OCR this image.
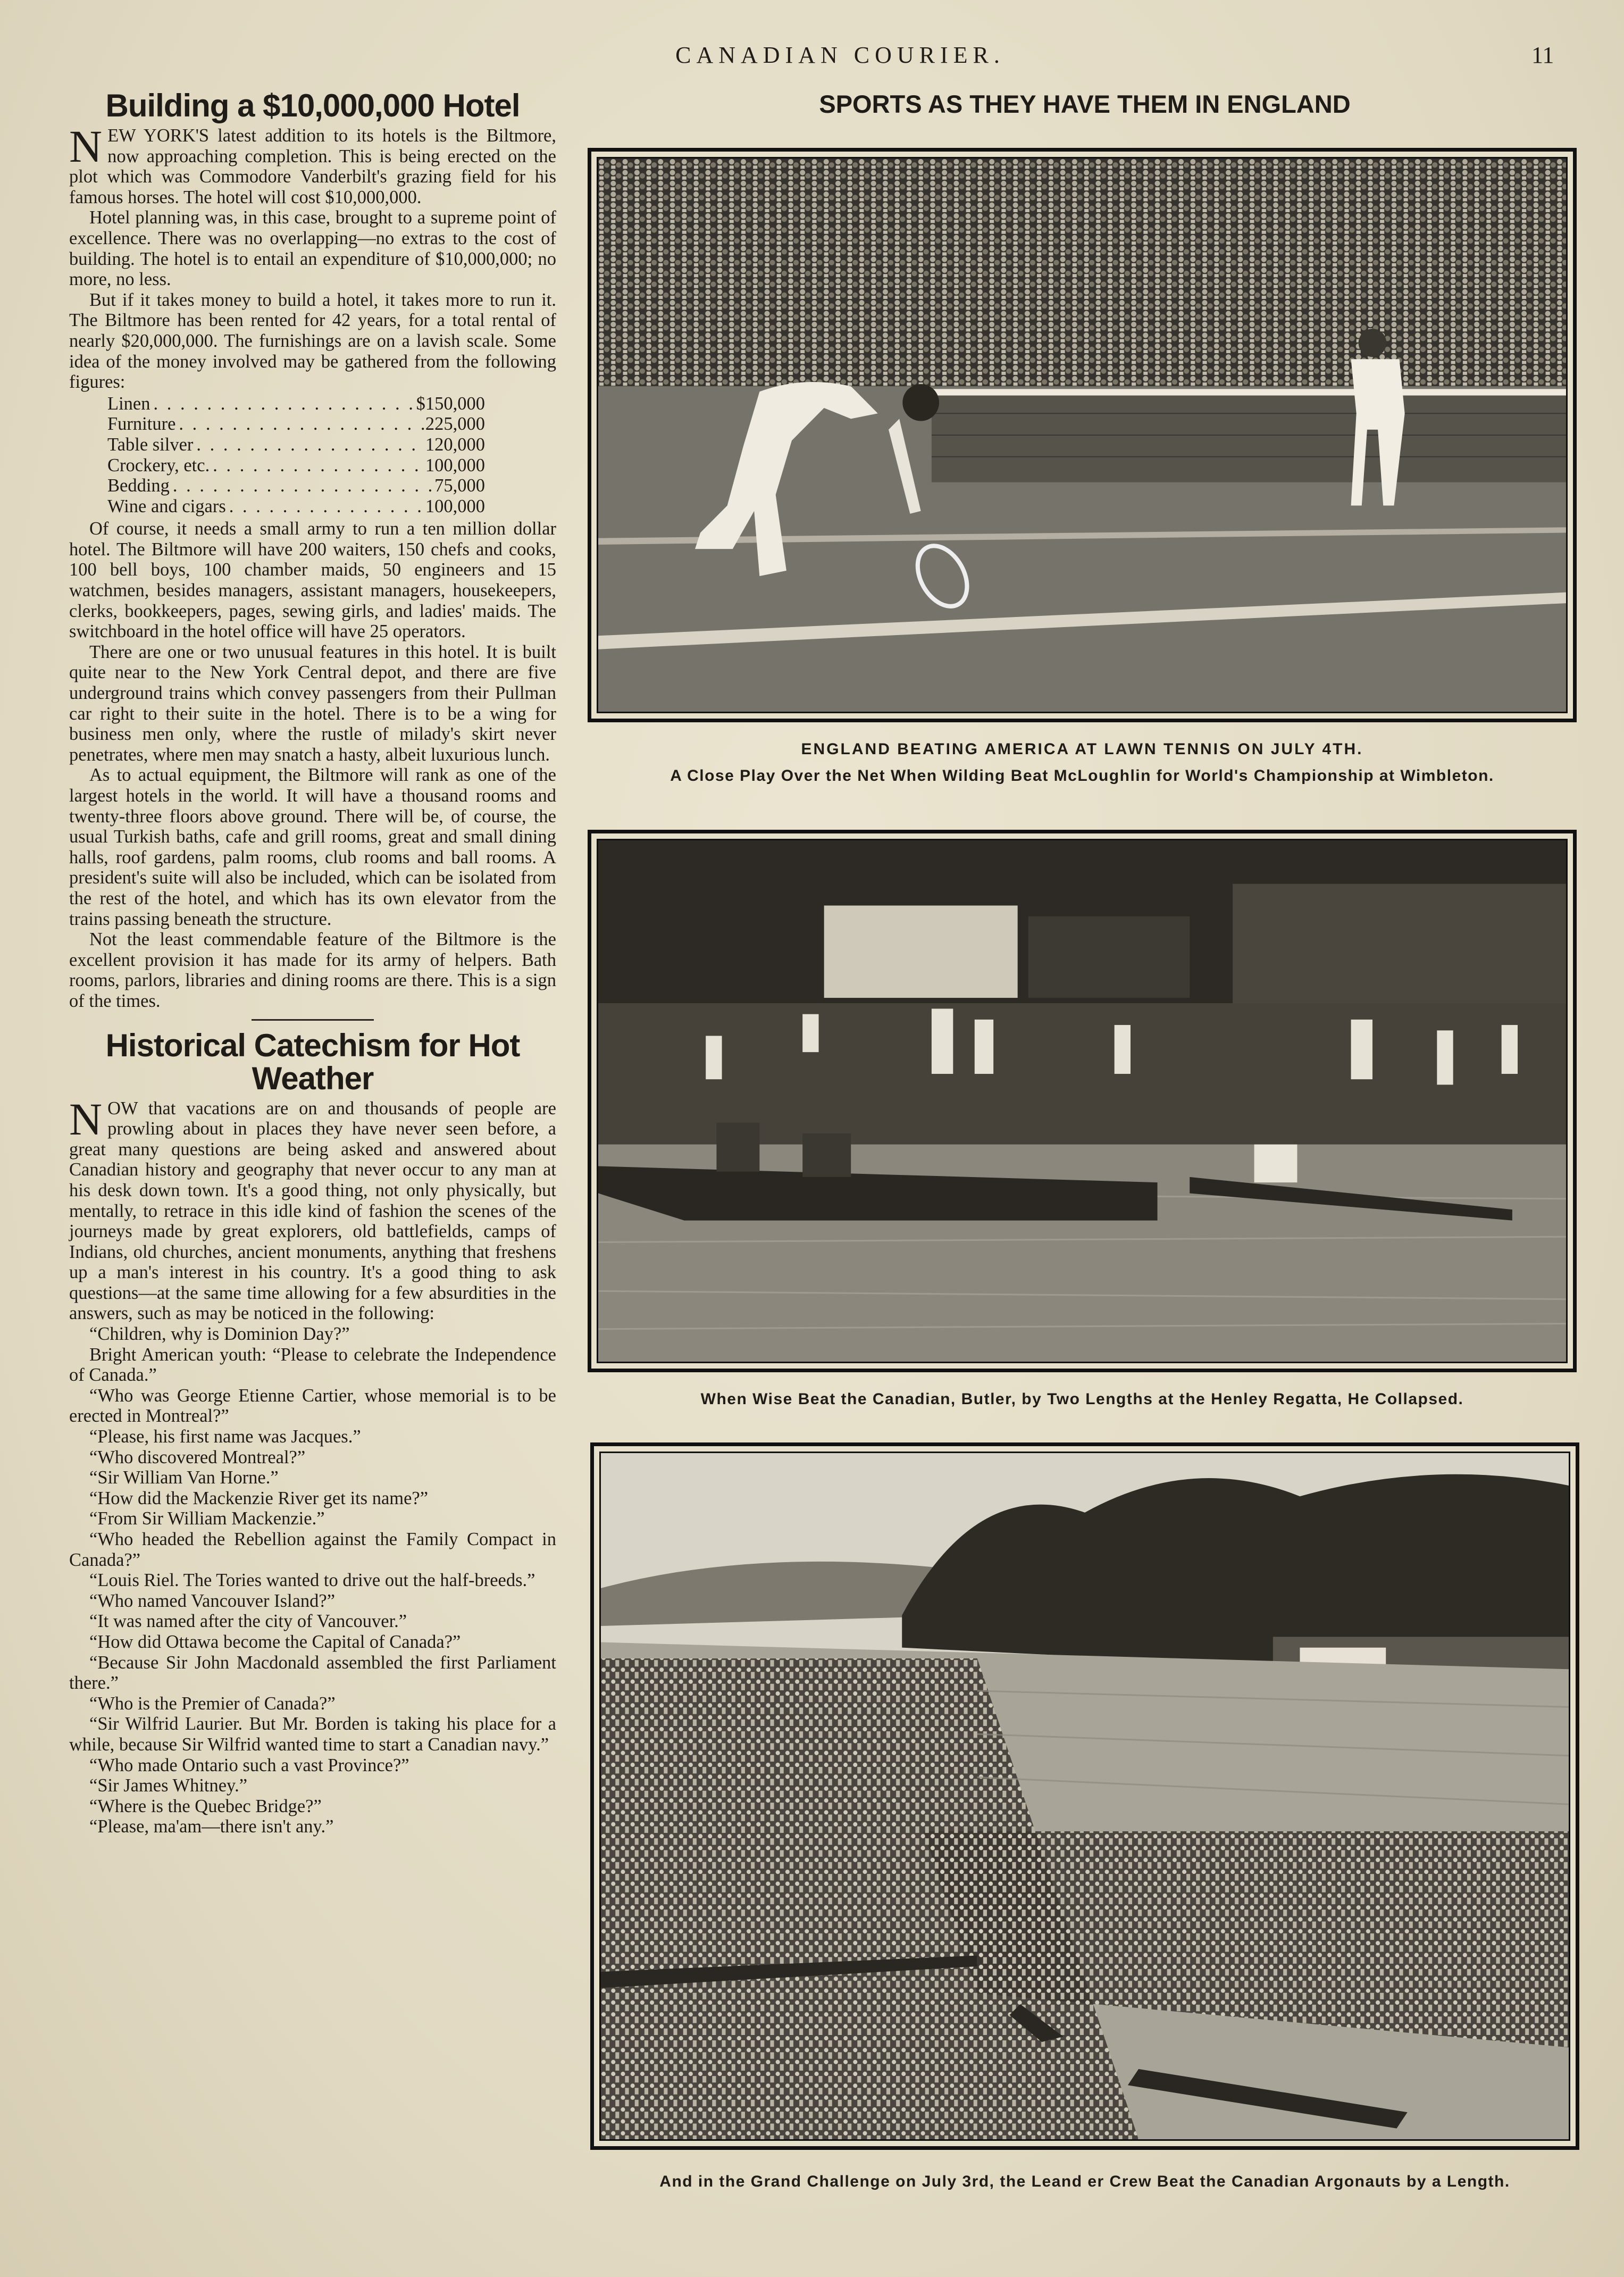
CANADIAN COURIER.	11
Building a $10,000,000 Hotel

NEW YORK'S latest addition to its hotels is the Biltmore, now approaching completion. This is being erected on the plot which was Commodore Vanderbilt's grazing field for his famous horses. The hotel will cost $10,000,000.

Hotel planning was, in this case, brought to a supreme point of excellence. There was no overlapping—no extras to the cost of building. The hotel is to entail an expenditure of $10,000,000; no more, no less.

But if it takes money to build a hotel, it takes more to run it. The Biltmore has been rented for 42 years, for a total rental of nearly $20,000,000. The furnishings are on a lavish scale. Some idea of the money involved may be gathered from the following figures:

Linen . . .	$150,000
Furniture . . .	225,000
Table silver . . .	120,000
Crockery, etc. . . .	100,000
Bedding . . .	75,000
Wine and cigars . . .	100,000

Of course, it needs a small army to run a ten million dollar hotel. The Biltmore will have 200 waiters, 150 chefs and cooks, 100 bell boys, 100 chamber maids, 50 engineers and 15 watchmen, besides managers, assistant managers, housekeepers, clerks, bookkeepers, pages, sewing girls, and ladies' maids. The switchboard in the hotel office will have 25 operators.

There are one or two unusual features in this hotel. It is built quite near to the New York Central depot, and there are five underground trains which convey passengers from their Pullman car right to their suite in the hotel. There is to be a wing for business men only, where the rustle of milady's skirt never penetrates, where men may snatch a hasty, albeit luxurious lunch.

As to actual equipment, the Biltmore will rank as one of the largest hotels in the world. It will have a thousand rooms and twenty-three floors above ground. There will be, of course, the usual Turkish baths, cafe and grill rooms, great and small dining halls, roof gardens, palm rooms, club rooms and ball rooms. A president's suite will also be included, which can be isolated from the rest of the hotel, and which has its own elevator from the trains passing beneath the structure.

Not the least commendable feature of the Biltmore is the excellent provision it has made for its army of helpers. Bath rooms, parlors, libraries and dining rooms are there. This is a sign of the times.

Historical Catechism for Hot Weather

NOW that vacations are on and thousands of people are prowling about in places they have never seen before, a great many questions are being asked and answered about Canadian history and geography that never occur to any man at his desk down town. It's a good thing, not only physically, but mentally, to retrace in this idle kind of fashion the scenes of the journeys made by great explorers, old battlefields, camps of Indians, old churches, ancient monuments, anything that freshens up a man's interest in his country. It's a good thing to ask questions—at the same time allowing for a few absurdities in the answers, such as may be noticed in the following:

“Children, why is Dominion Day?”

Bright American youth: “Please to celebrate the Independence of Canada.”

“Who was George Etienne Cartier, whose memorial is to be erected in Montreal?”

“Please, his first name was Jacques.”

“Who discovered Montreal?”

“Sir William Van Horne.”

“How did the Mackenzie River get its name?”

“From Sir William Mackenzie.”

“Who headed the Rebellion against the Family Compact in Canada?”

“Louis Riel. The Tories wanted to drive out the half-breeds.”

“Who named Vancouver Island?”

“It was named after the city of Vancouver.”

“How did Ottawa become the Capital of Canada?”

“Because Sir John Macdonald assembled the first Parliament there.”

“Who is the Premier of Canada?”

“Sir Wilfrid Laurier. But Mr. Borden is taking his place for a while, because Sir Wilfrid wanted time to start a Canadian navy.”

“Who made Ontario such a vast Province?”

“Sir James Whitney.”

“Where is the Quebec Bridge?”

“Please, ma'am—there isn't any.”

SPORTS AS THEY HAVE THEM IN ENGLAND
ENGLAND BEATING AMERICA AT LAWN TENNIS ON JULY 4TH.
A Close Play Over the Net When Wilding Beat McLoughlin for World's Championship at Wimbleton.
When Wise Beat the Canadian, Butler, by Two Lengths at the Henley Regatta, He Collapsed.
And in the Grand Challenge on July 3rd, the Leand er Crew Beat the Canadian Argonauts by a Length.
